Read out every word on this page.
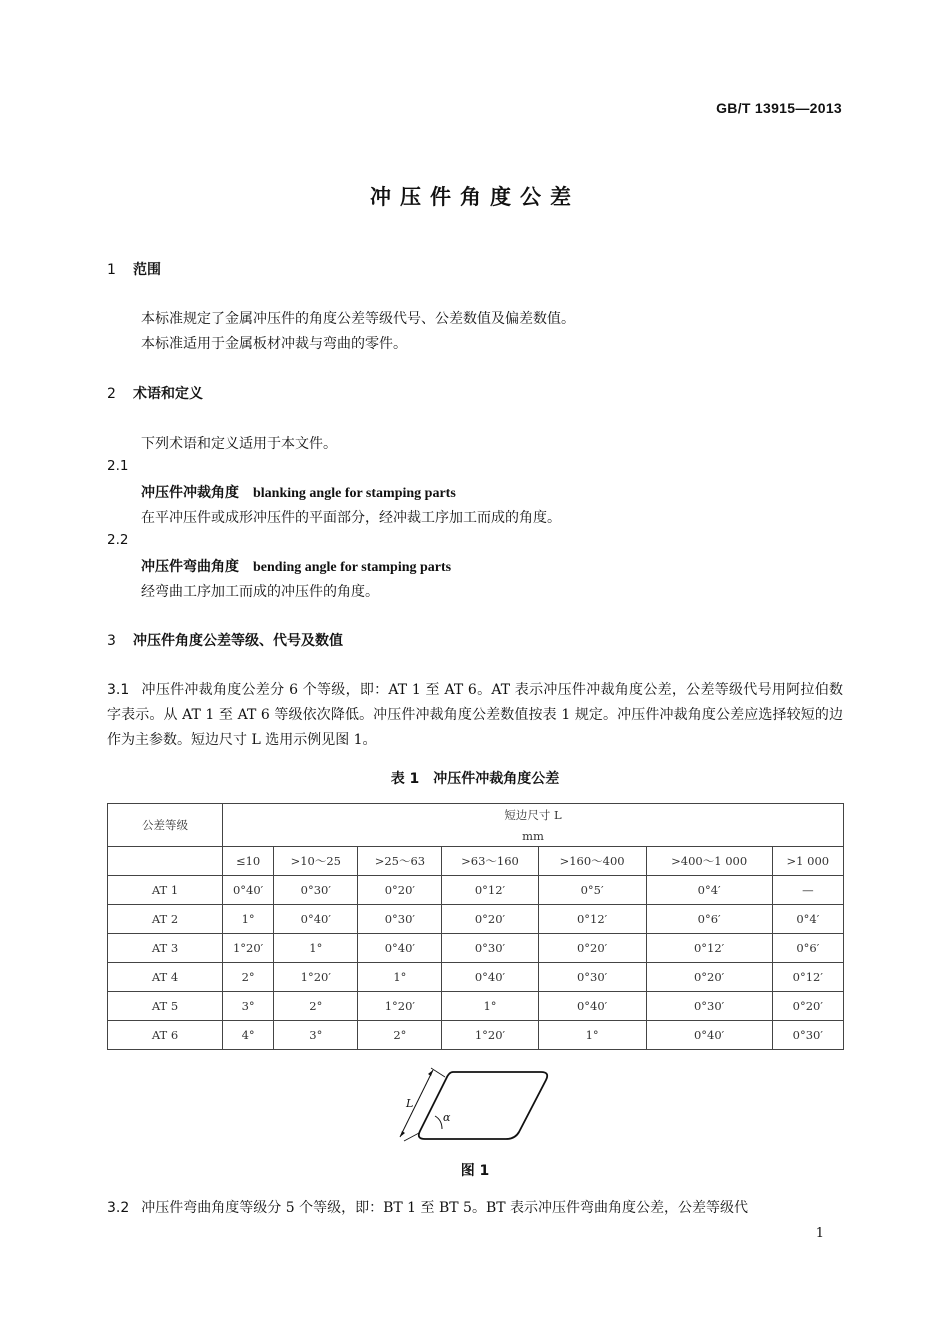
GB/T 13915—2013
冲压件角度公差
1 范围
本标准规定了金属冲压件的角度公差等级代号、公差数值及偏差数值。
本标准适用于金属板材冲裁与弯曲的零件。
2 术语和定义
下列术语和定义适用于本文件。
2.1
冲压件冲裁角度 blanking angle for stamping parts
在平冲压件或成形冲压件的平面部分，经冲裁工序加工而成的角度。
2.2
冲压件弯曲角度 bending angle for stamping parts
经弯曲工序加工而成的冲压件的角度。
3 冲压件角度公差等级、代号及数值
3.1 冲压件冲裁角度公差分 6 个等级，即：AT 1 至 AT 6。AT 表示冲压件冲裁角度公差，公差等级代号用阿拉伯数字表示。从 AT 1 至 AT 6 等级依次降低。冲压件冲裁角度公差数值按表 1 规定。冲压件冲裁角度公差应选择较短的边作为主参数。短边尺寸 L 选用示例见图 1。
表 1　冲压件冲裁角度公差
公差等级	短边尺寸 L						
	mm						
	≤10	>10～25	>25～63	>63～160	>160～400	>400～1 000	>1 000
AT 1	0°40′	0°30′	0°20′	0°12′	0°5′	0°4′	—
AT 2	1°	0°40′	0°30′	0°20′	0°12′	0°6′	0°4′
AT 3	1°20′	1°	0°40′	0°30′	0°20′	0°12′	0°6′
AT 4	2°	1°20′	1°	0°40′	0°30′	0°20′	0°12′
AT 5	3°	2°	1°20′	1°	0°40′	0°30′	0°20′
AT 6	4°	3°	2°	1°20′	1°	0°40′	0°30′
L
α
图 1
3.2 冲压件弯曲角度等级分 5 个等级，即：BT 1 至 BT 5。BT 表示冲压件弯曲角度公差，公差等级代
1
